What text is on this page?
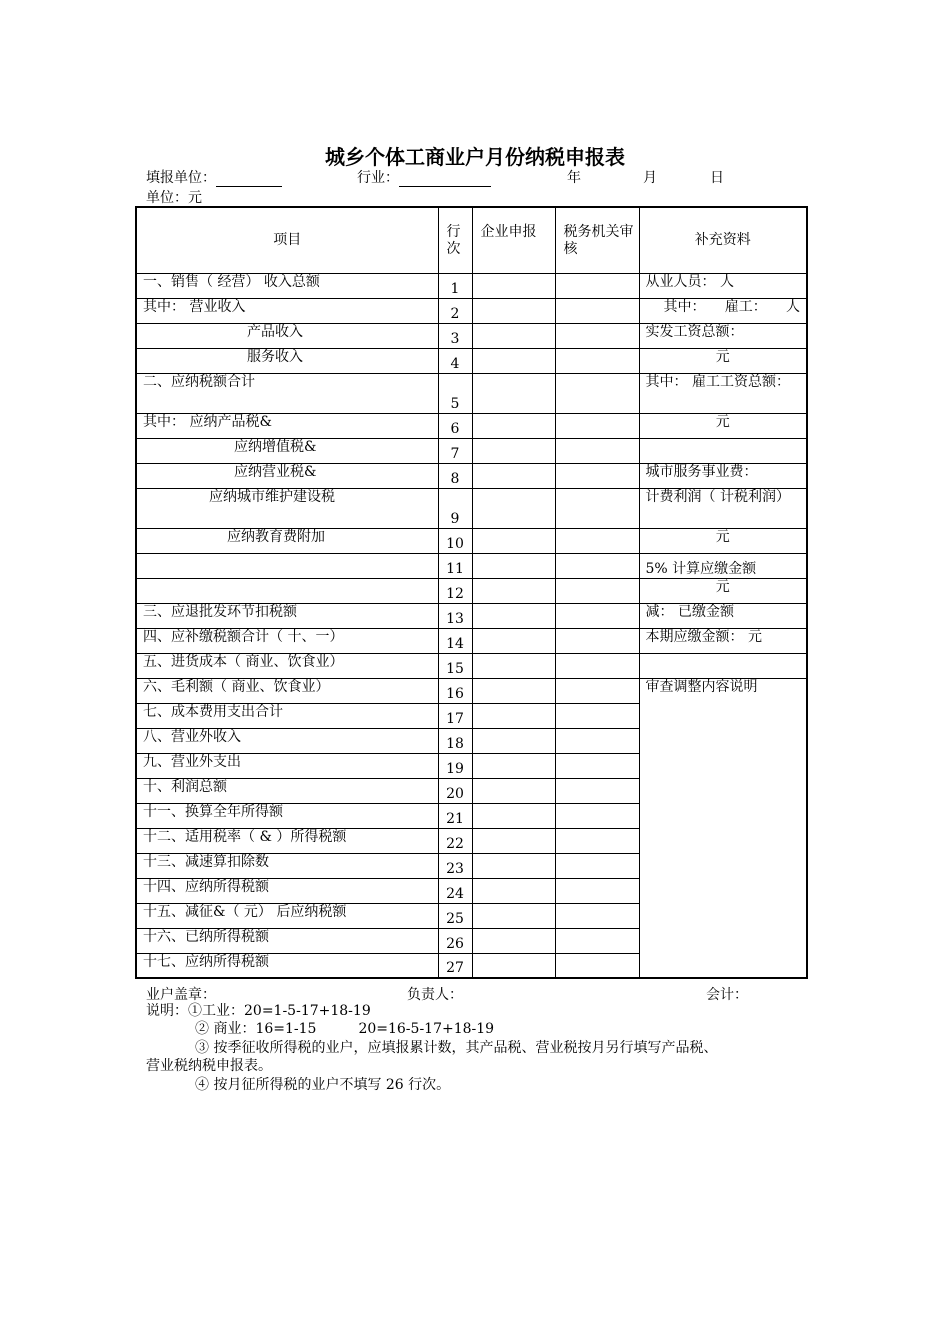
城乡个体工商业户月份纳税申报表
填报单位：	行业：	年	月	日
单位：元
项目	行次	企业申报	税务机关审核	补充资料
一、销售（ 经营） 收入总额	1			从业人员： 人
其中： 营业收入	2			其中： 雇工： 人

产品收入	3			实发工资总额：
服务收入	4			元
二、应纳税额合计	5			其中： 雇工工资总额：
其中： 应纳产品税&	6			元
应纳增值税&	7			
应纳营业税&	8			城市服务事业费：
应纳城市维护建设税	9			计费利润（ 计税利润）
应纳教育费附加	10			元
	11			5% 计算应缴金额
	12			元
三、应退批发环节扣税额	13			减： 已缴金额
四、应补缴税额合计（ 十、一）	14			本期应缴金额： 元
五、进货成本（ 商业、饮食业）	15			
六、毛利额（ 商业、饮食业）	16			审查调整内容说明
七、成本费用支出合计	17			
八、营业外收入	18			
九、营业外支出	19			
十、利润总额	20			
十一、换算全年所得额	21			
十二、适用税率（ & ）所得税额	22			
十三、减速算扣除数	23			
十四、应纳所得税额	24			
十五、减征&（ 元） 后应纳税额	25			
十六、已纳所得税额	26			
十七、应纳所得税额	27			
业户盖章：	负责人：	会计：
说明：①工业：20=1-5-17+18-19
② 商业：16=1-15　　　20=16-5-17+18-19
③ 按季征收所得税的业户，应填报累计数，其产品税、营业税按月另行填写产品税、
营业税纳税申报表。
④ 按月征所得税的业户不填写 26 行次。
